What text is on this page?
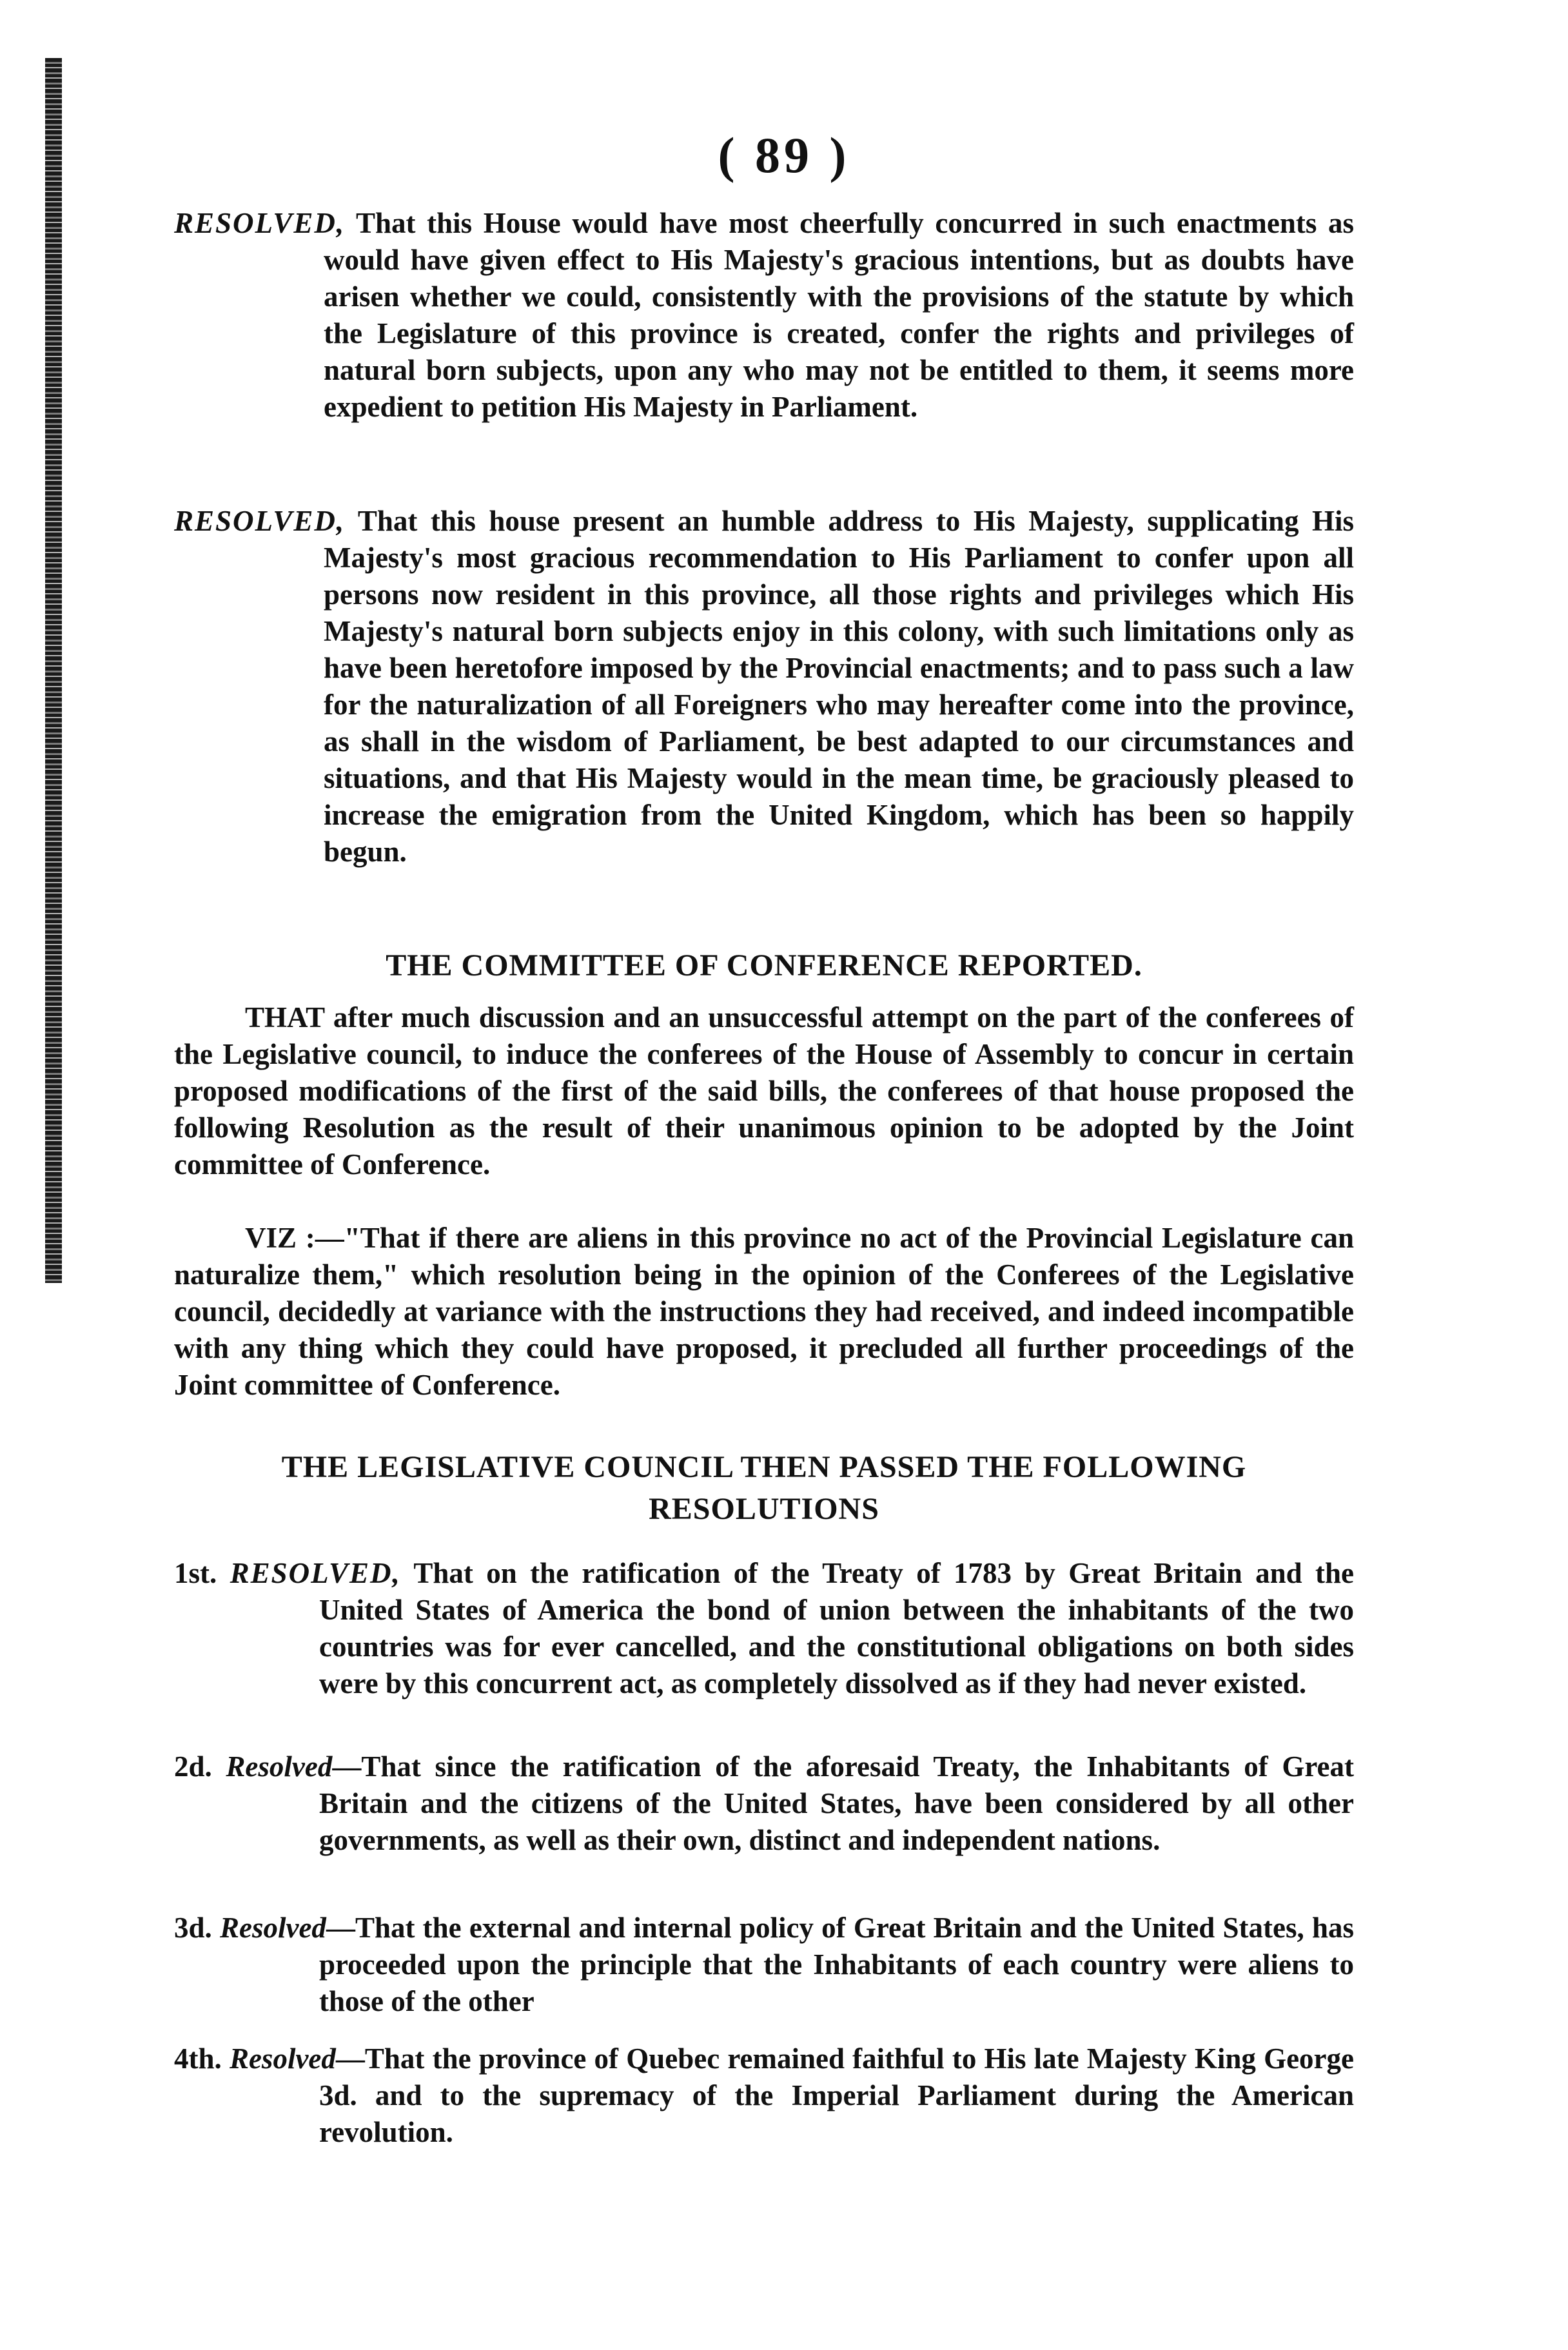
( 89 )

RESOLVED, That this House would have most cheerfully concurred in such enactments as would have given effect to His Majesty's gracious intentions, but as doubts have arisen whether we could, consistently with the provisions of the statute by which the Legislature of this province is created, confer the rights and privileges of natural born subjects, upon any who may not be entitled to them, it seems more expedient to petition His Majesty in Parliament.

RESOLVED, That this house present an humble address to His Majesty, supplicating His Majesty's most gracious recommendation to His Parliament to confer upon all persons now resident in this province, all those rights and privileges which His Majesty's natural born subjects enjoy in this colony, with such limitations only as have been heretofore imposed by the Provincial enactments; and to pass such a law for the naturalization of all Foreigners who may hereafter come into the province, as shall in the wisdom of Parliament, be best adapted to our circumstances and situations, and that His Majesty would in the mean time, be graciously pleased to increase the emigration from the United Kingdom, which has been so happily begun.

THE COMMITTEE OF CONFERENCE REPORTED.

THAT after much discussion and an unsuccessful attempt on the part of the conferees of the Legislative council, to induce the conferees of the House of Assembly to concur in certain proposed modifications of the first of the said bills, the conferees of that house proposed the following Resolution as the result of their unanimous opinion to be adopted by the Joint committee of Conference.

VIZ :—"That if there are aliens in this province no act of the Provincial Legislature can naturalize them," which resolution being in the opinion of the Conferees of the Legislative council, decidedly at variance with the instructions they had received, and indeed incompatible with any thing which they could have proposed, it precluded all further proceedings of the Joint committee of Conference.

THE LEGISLATIVE COUNCIL THEN PASSED THE FOLLOWING
RESOLUTIONS

1st. RESOLVED, That on the ratification of the Treaty of 1783 by Great Britain and the United States of America the bond of union between the inhabitants of the two countries was for ever cancelled, and the constitutional obligations on both sides were by this concurrent act, as completely dissolved as if they had never existed.

2d. Resolved—That since the ratification of the aforesaid Treaty, the Inhabitants of Great Britain and the citizens of the United States, have been considered by all other governments, as well as their own, distinct and independent nations.

3d. Resolved—That the external and internal policy of Great Britain and the United States, has proceeded upon the principle that the Inhabitants of each country were aliens to those of the other

4th. Resolved—That the province of Quebec remained faithful to His late Majesty King George 3d. and to the supremacy of the Imperial Parliament during the American revolution.
